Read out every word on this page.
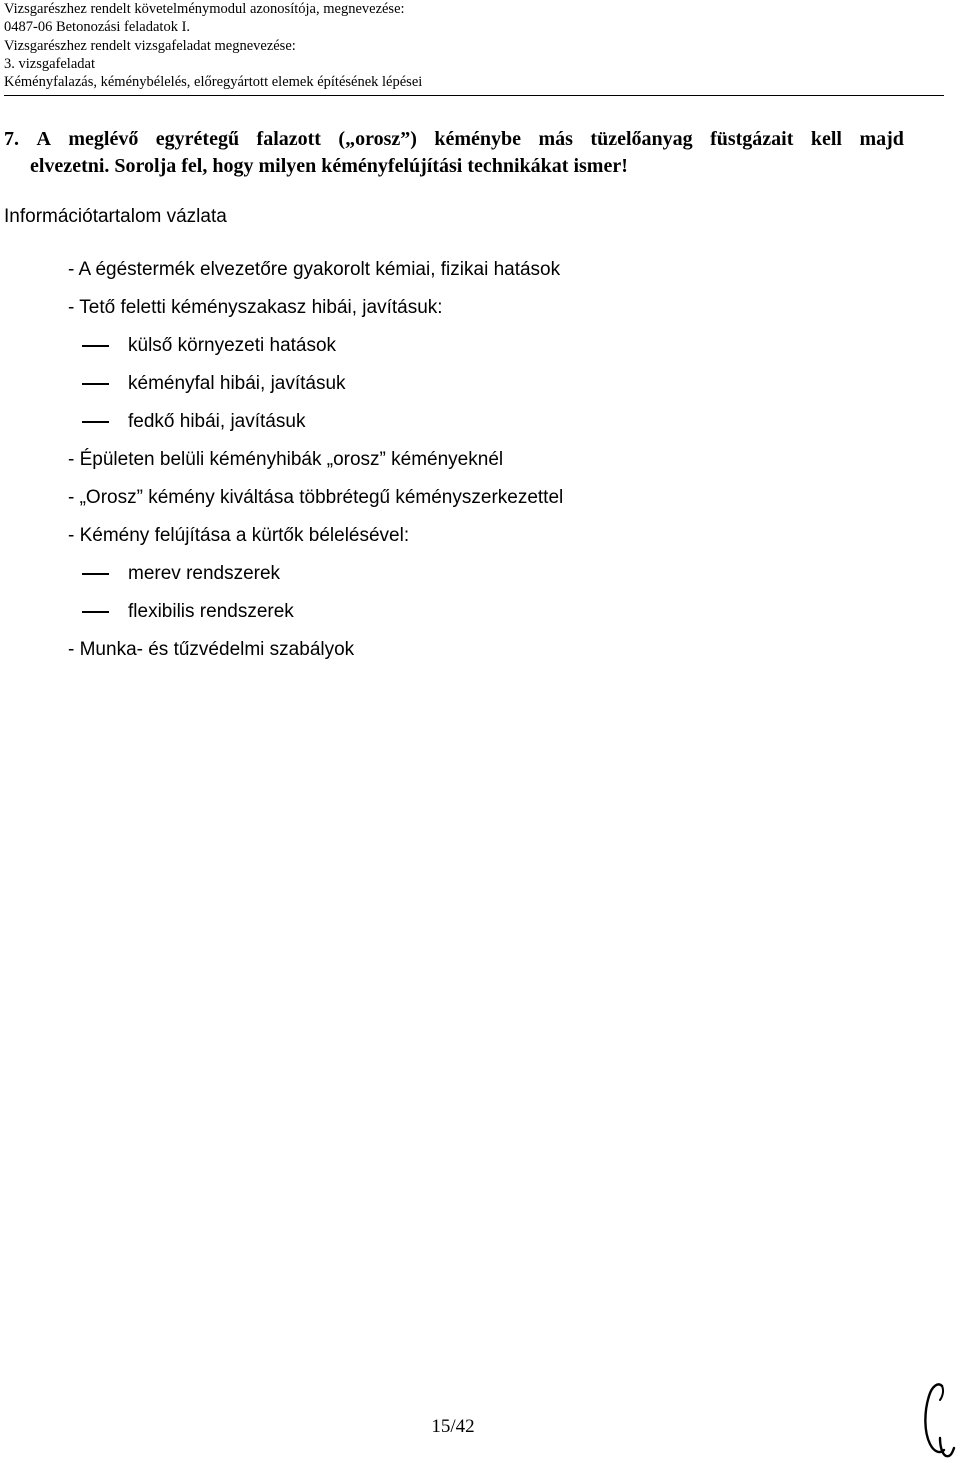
Vizsgarészhez rendelt követelménymodul azonosítója, megnevezése:
0487-06 Betonozási feladatok I.
Vizsgarészhez rendelt vizsgafeladat megnevezése:
3. vizsgafeladat
Kéményfalazás, kéménybélelés, előregyártott elemek építésének lépései
7. A meglévő egyrétegű falazott („orosz”) kéménybe más tüzelőanyag füstgázait kell majd
elvezetni. Sorolja fel, hogy milyen kéményfelújítási technikákat ismer!
Információtartalom vázlata
- A égéstermék elvezetőre gyakorolt kémiai, fizikai hatások
- Tető feletti kéményszakasz hibái, javításuk:
külső környezeti hatások
kéményfal hibái, javításuk
fedkő hibái, javításuk
- Épületen belüli kéményhibák „orosz” kéményeknél
- „Orosz” kémény kiváltása többrétegű kéményszerkezettel
- Kémény felújítása a kürtők bélelésével:
merev rendszerek
flexibilis rendszerek
- Munka- és tűzvédelmi szabályok
15/42
